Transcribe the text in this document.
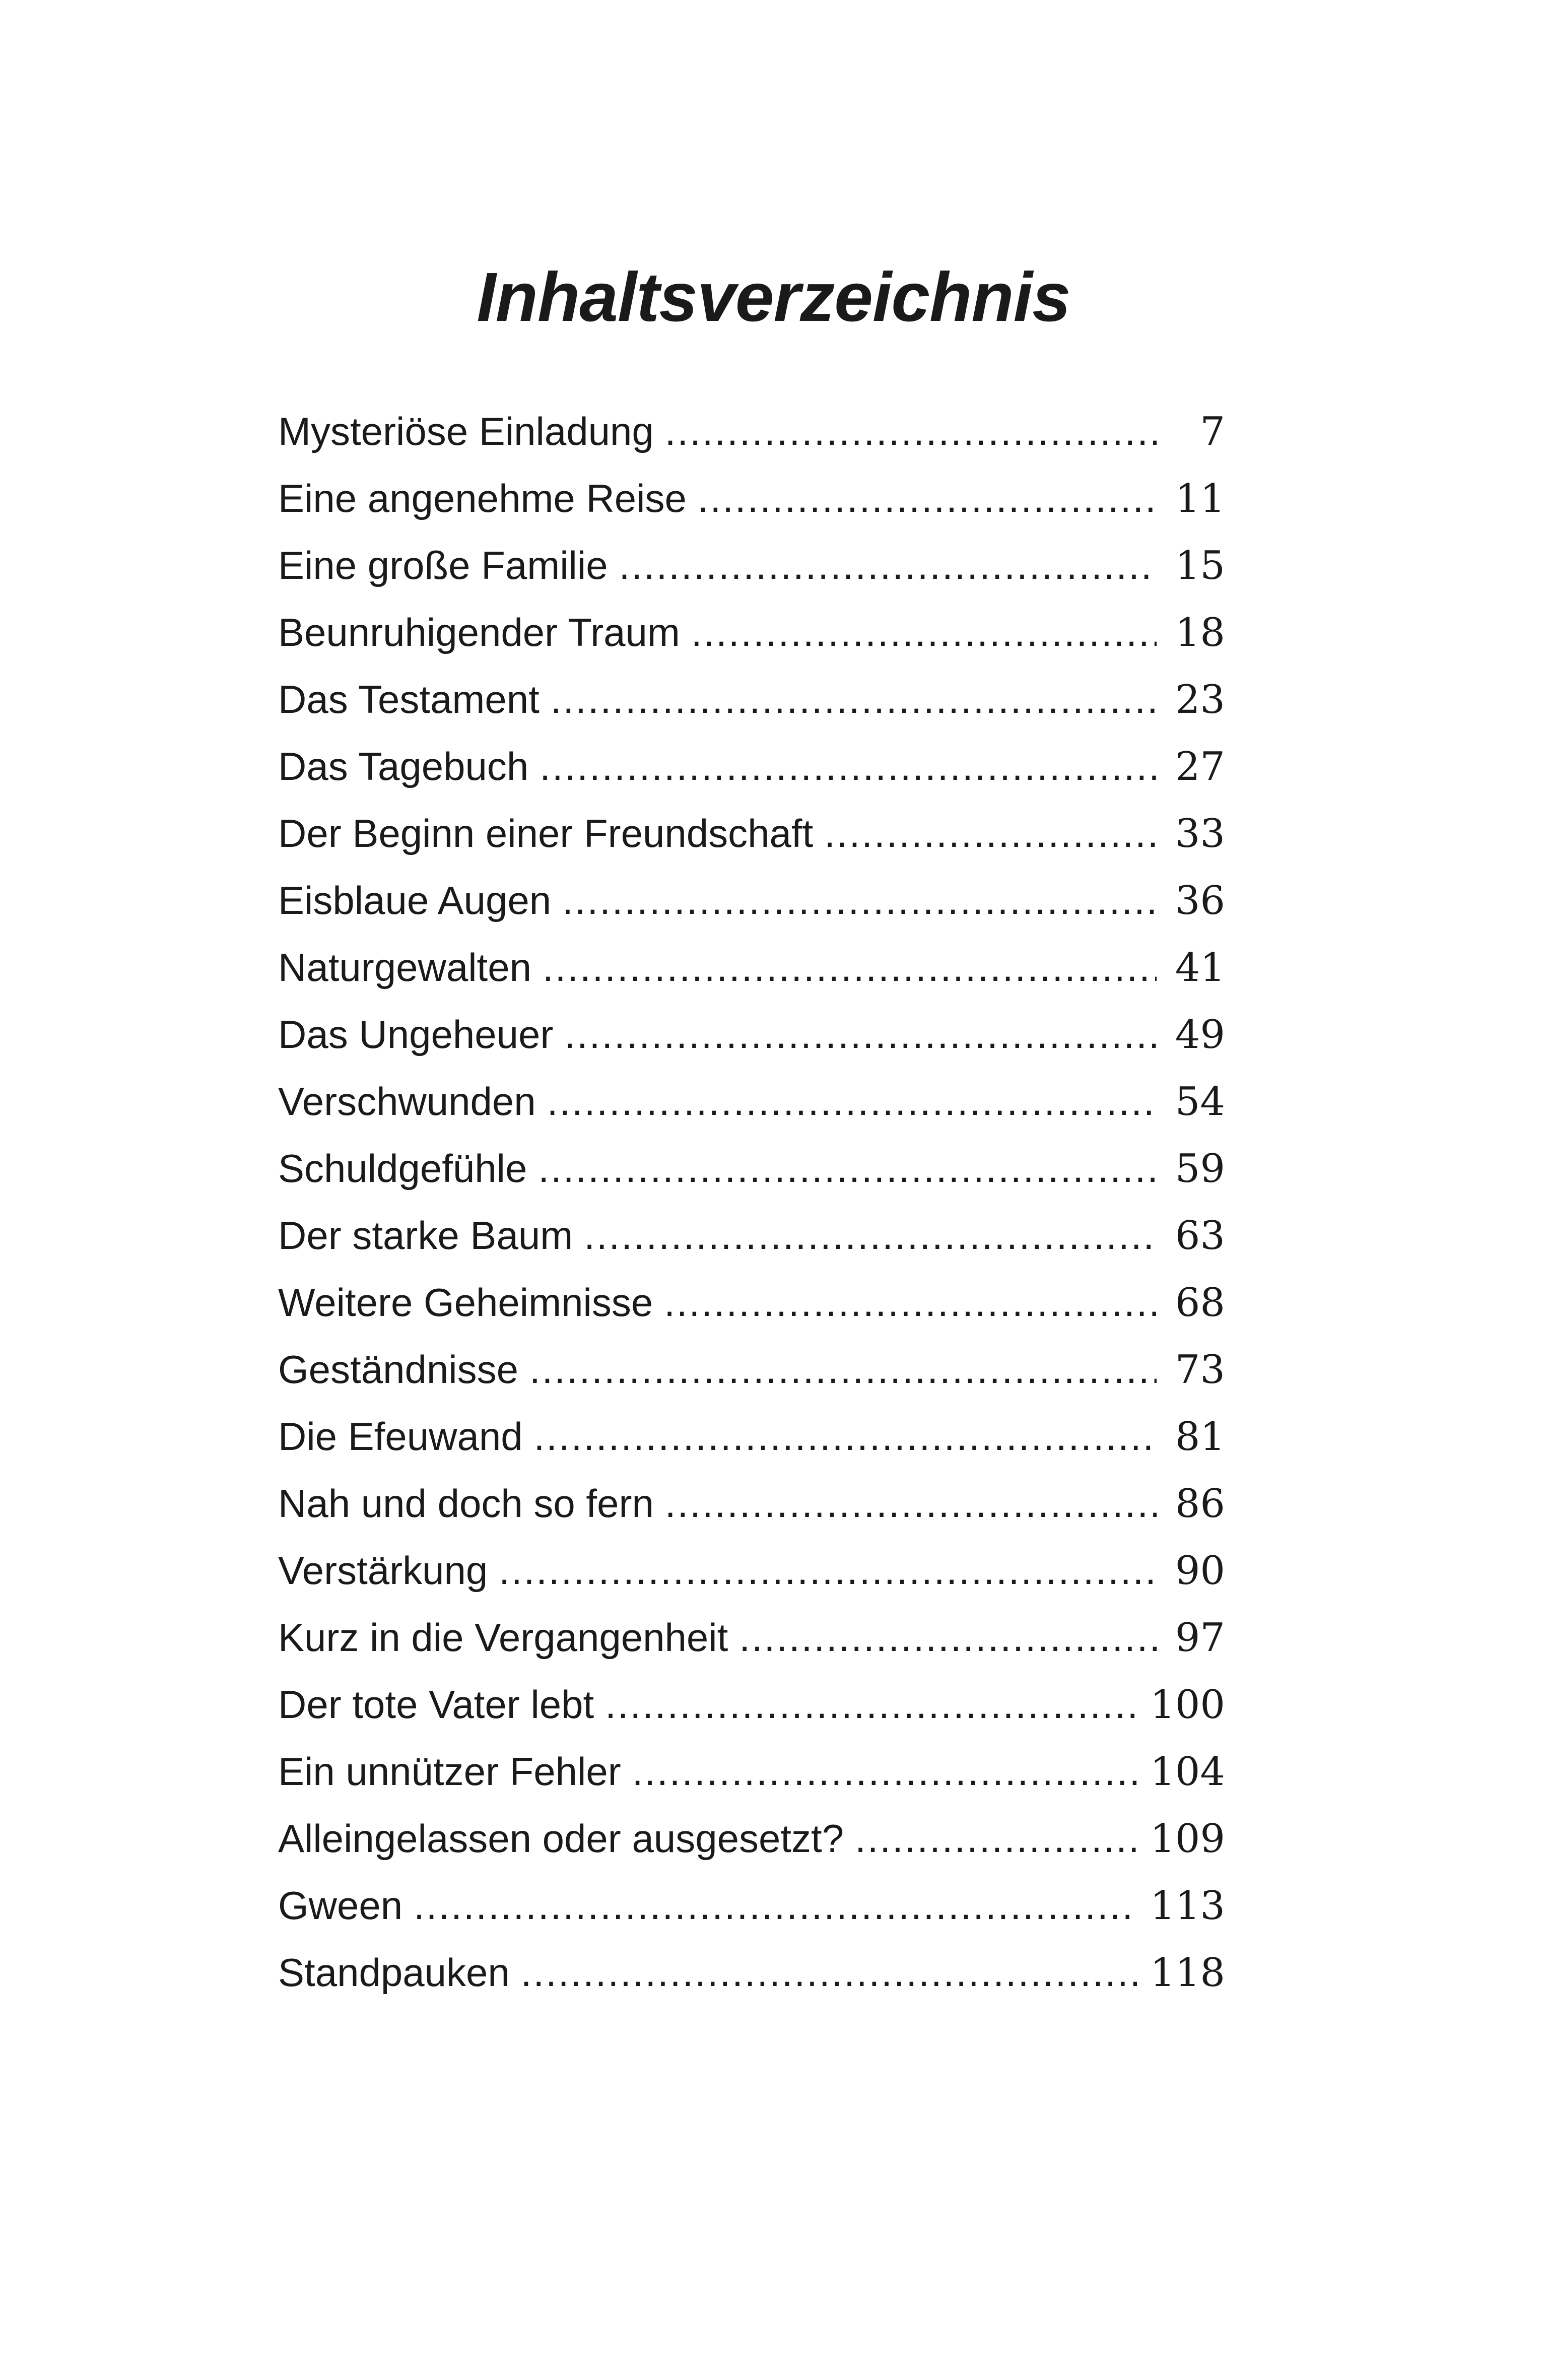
Inhaltsverzeichnis
Mysteriöse Einladung .....	7
Eine angenehme Reise .....	11
Eine große Familie .....	15
Beunruhigender Traum .....	18
Das Testament .....	23
Das Tagebuch .....	27
Der Beginn einer Freundschaft .....	33
Eisblaue Augen .....	36
Naturgewalten .....	41
Das Ungeheuer .....	49
Verschwunden .....	54
Schuldgefühle .....	59
Der starke Baum .....	63
Weitere Geheimnisse .....	68
Geständnisse .....	73
Die Efeuwand .....	81
Nah und doch so fern .....	86
Verstärkung .....	90
Kurz in die Vergangenheit .....	97
Der tote Vater lebt .....	100
Ein unnützer Fehler .....	104
Alleingelassen oder ausgesetzt? .....	109
Gween .....	113
Standpauken .....	118
